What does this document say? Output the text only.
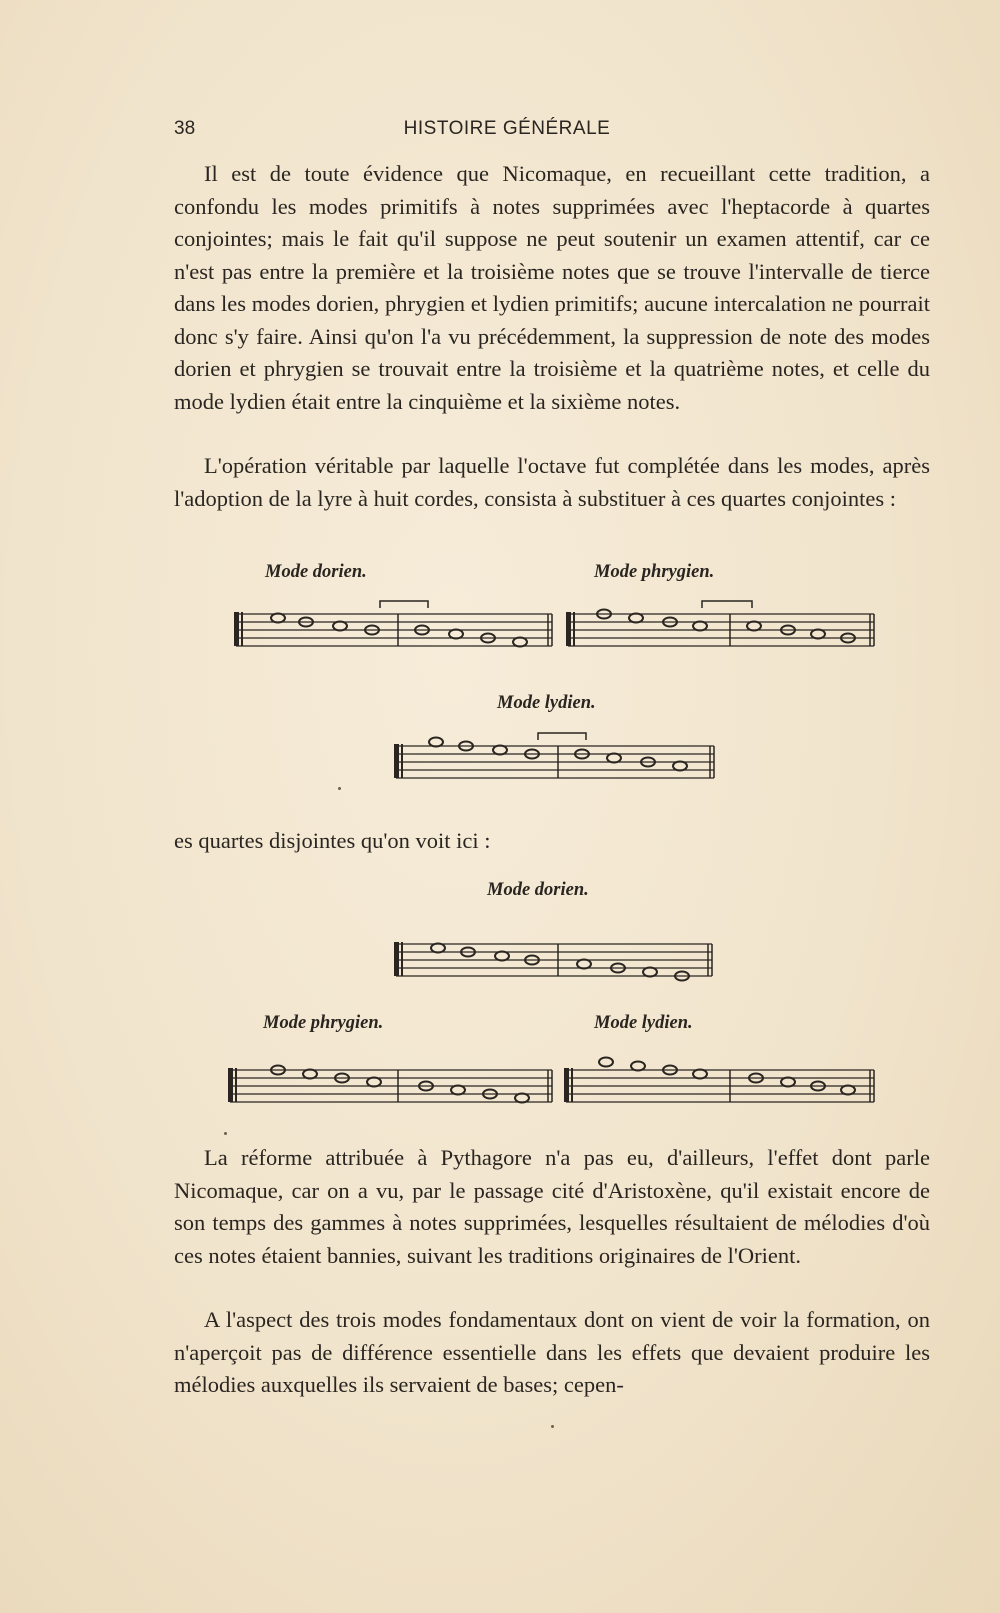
38	HISTOIRE GÉNÉRALE

Il est de toute évidence que Nicomaque, en recueillant cette tradition, a confondu les modes primitifs à notes supprimées avec l'heptacorde à quartes conjointes; mais le fait qu'il suppose ne peut soutenir un examen attentif, car ce n'est pas entre la première et la troisième notes que se trouve l'intervalle de tierce dans les modes dorien, phrygien et lydien primitifs; aucune intercalation ne pourrait donc s'y faire. Ainsi qu'on l'a vu précédemment, la suppression de note des modes dorien et phrygien se trouvait entre la troisième et la quatrième notes, et celle du mode lydien était entre la cinquième et la sixième notes.

L'opération véritable par laquelle l'octave fut complétée dans les modes, après l'adoption de la lyre à huit cordes, consista à substituer à ces quartes conjointes :

Mode dorien.	Mode phrygien.
Mode lydien.

es quartes disjointes qu'on voit ici :

Mode dorien.
Mode phrygien.	Mode lydien.

La réforme attribuée à Pythagore n'a pas eu, d'ailleurs, l'effet dont parle Nicomaque, car on a vu, par le passage cité d'Aristoxène, qu'il existait encore de son temps des gammes à notes supprimées, lesquelles résultaient de mélodies d'où ces notes étaient bannies, suivant les traditions originaires de l'Orient.

A l'aspect des trois modes fondamentaux dont on vient de voir la formation, on n'aperçoit pas de différence essentielle dans les effets que devaient produire les mélodies auxquelles ils servaient de bases; cepen-
